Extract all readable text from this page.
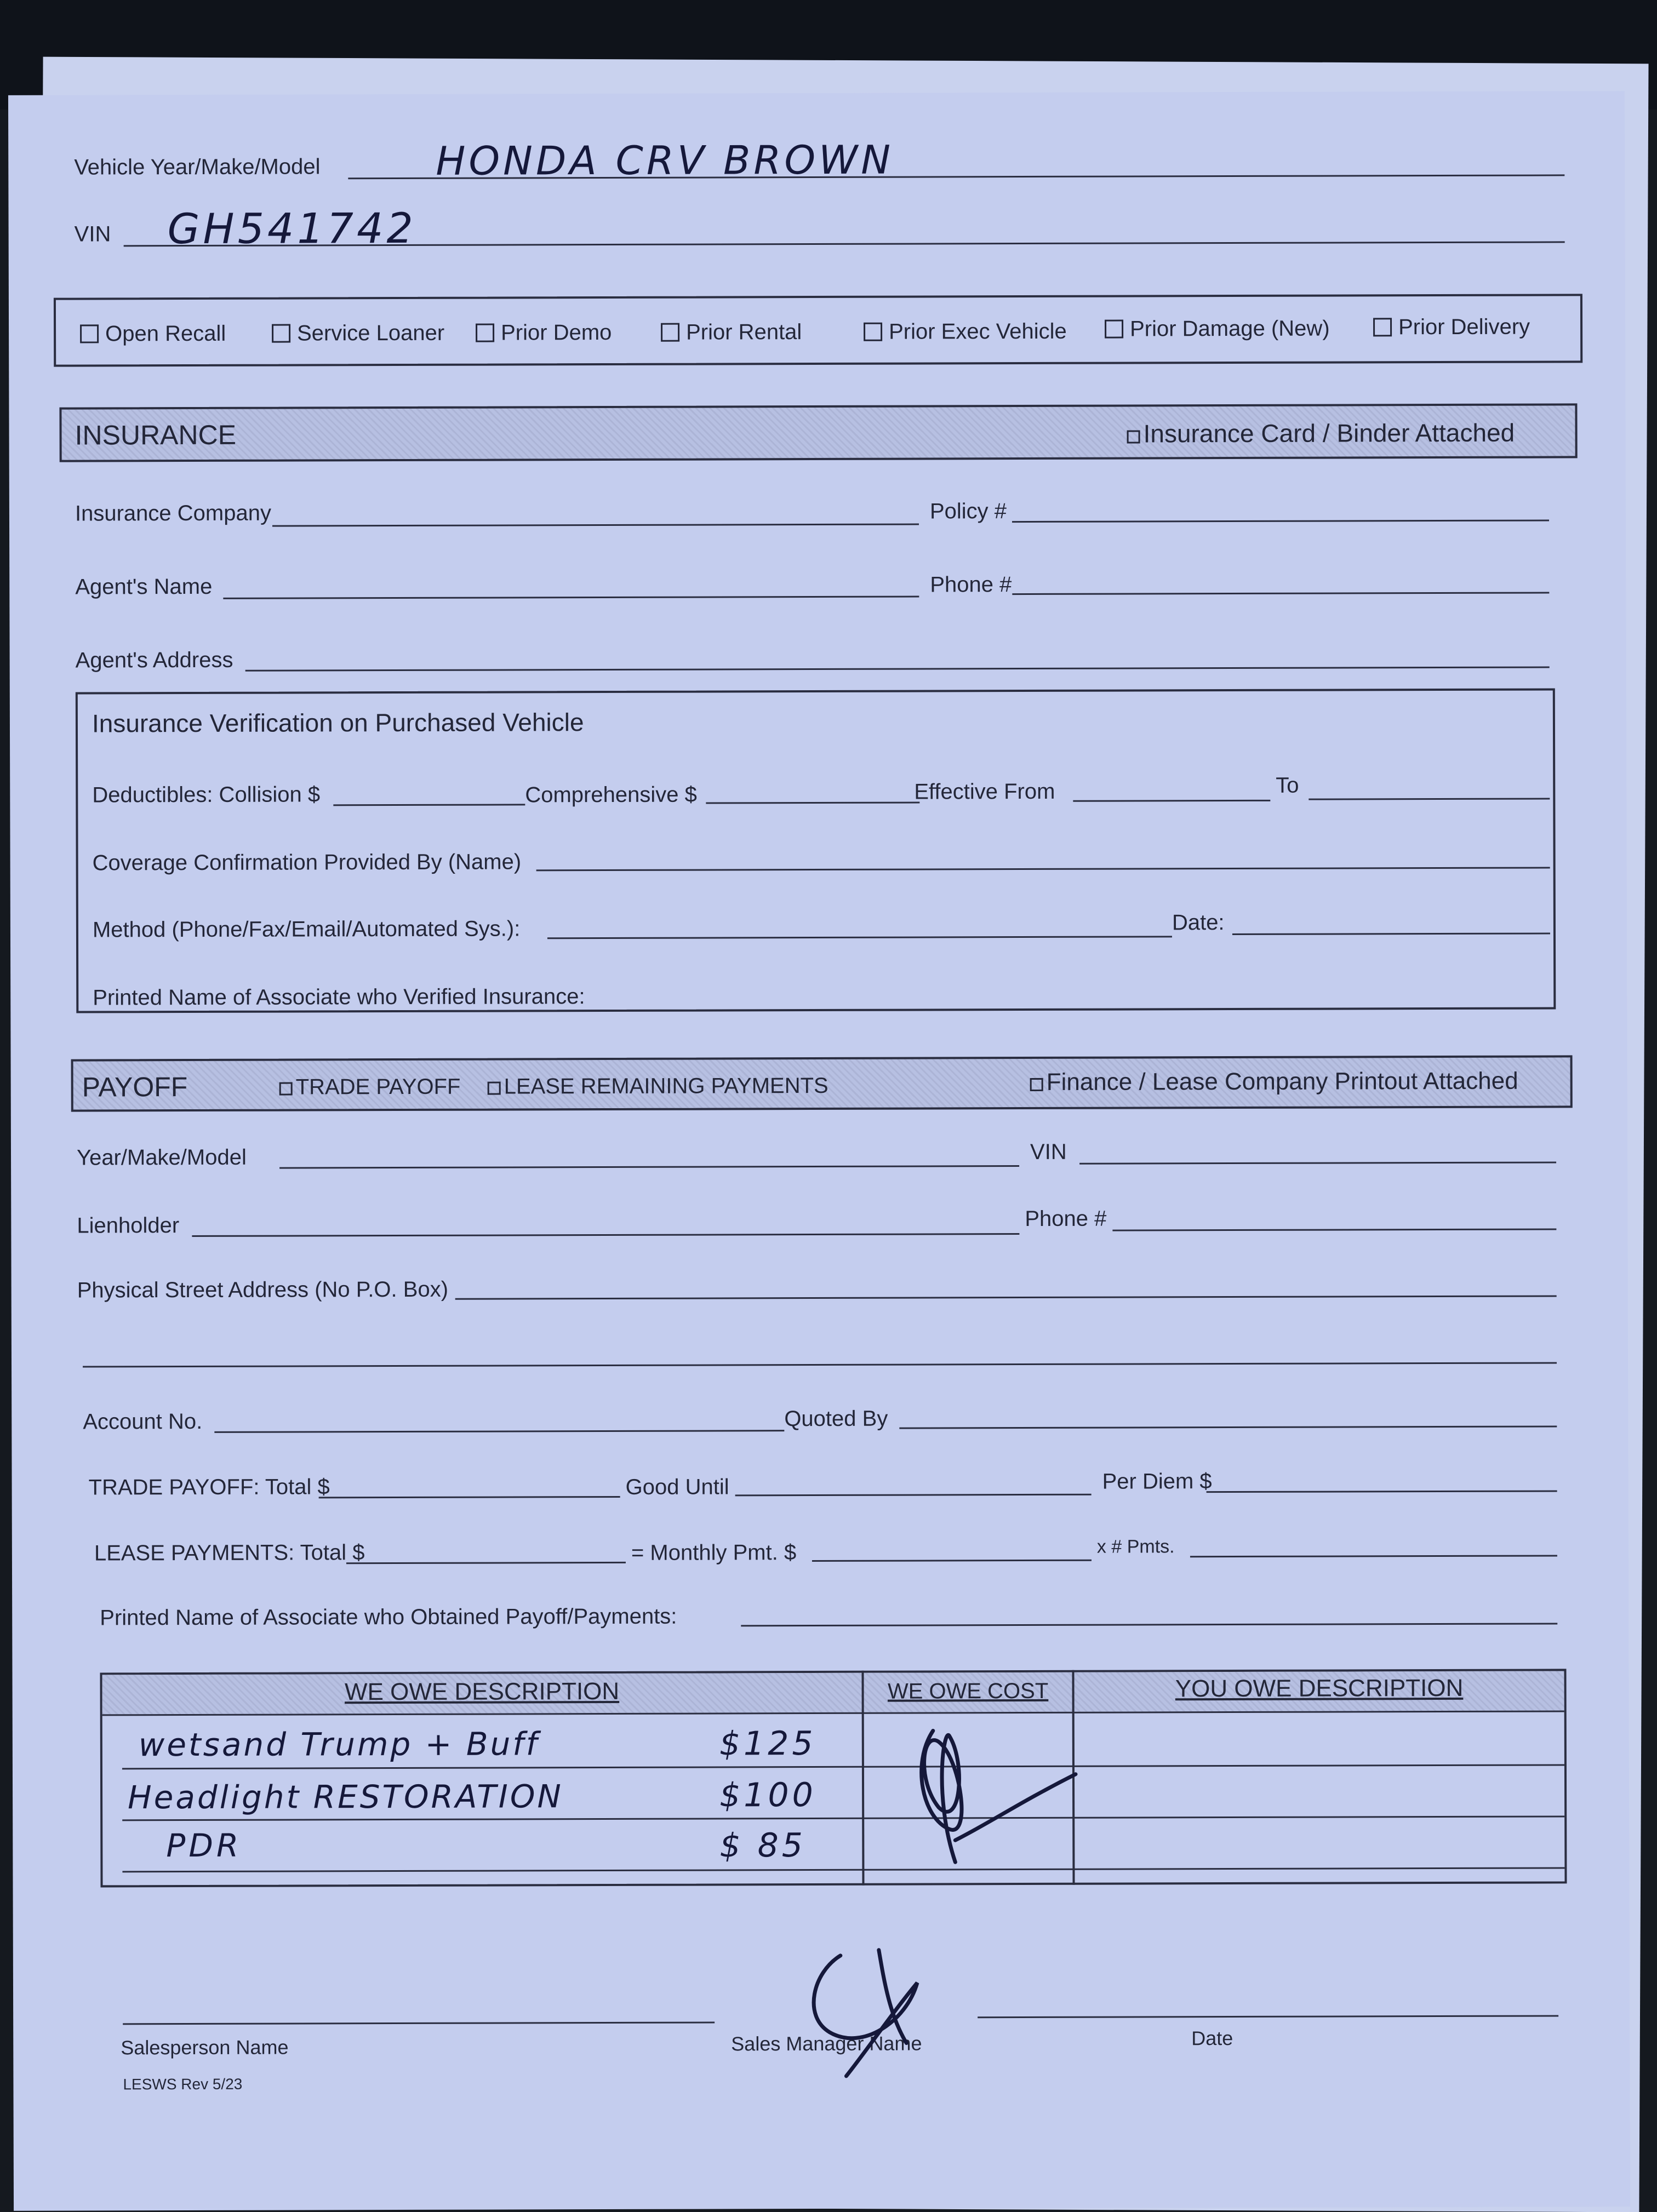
Vehicle Year/Make/Model	HONDA CRV BROWN
VIN GH541742
Open Recall	Service Loaner	Prior Demo	Prior Rental	Prior Exec Vehicle	Prior Damage (New)	Prior Delivery
INSURANCE	Insurance Card / Binder Attached
Insurance Company	Policy #
Agent's Name	Phone #
Agent's Address
Insurance Verification on Purchased Vehicle
Deductibles: Collision $	Comprehensive $	Effective From	To
Coverage Confirmation Provided By (Name)
Method (Phone/Fax/Email/Automated Sys.):	Date:
Printed Name of Associate who Verified Insurance:
PAYOFF	TRADE PAYOFF	LEASE REMAINING PAYMENTS	Finance / Lease Company Printout Attached
Year/Make/Model	VIN
Lienholder	Phone #
Physical Street Address (No P.O. Box)
Account No.	Quoted By
TRADE PAYOFF: Total $	Good Until	Per Diem $
LEASE PAYMENTS: Total $	= Monthly Pmt. $	x # Pmts.
Printed Name of Associate who Obtained Payoff/Payments:
WE OWE DESCRIPTION	WE OWE COST	YOU OWE DESCRIPTION
wetsand Trump + Buff	$125
Headlight RESTORATION	$100
PDR	$ 85
Salesperson Name	Sales Manager Name	Date
LESWS Rev 5/23
